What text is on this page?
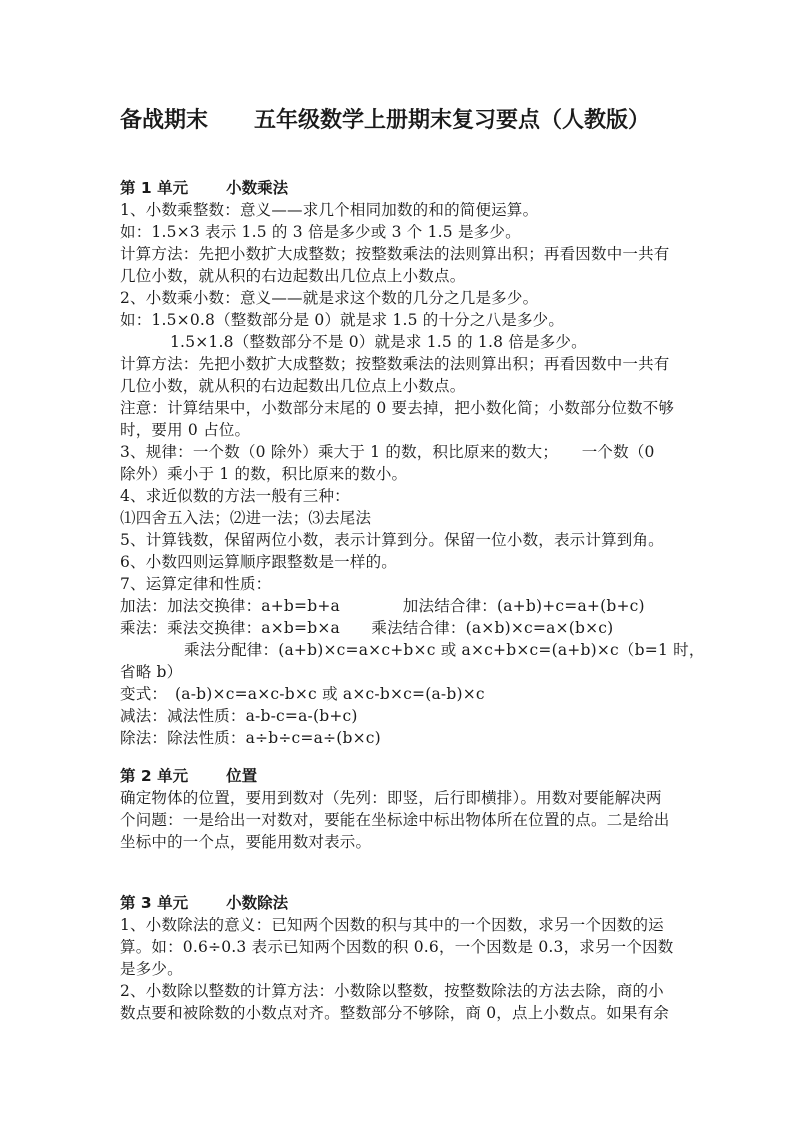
备战期末 五年级数学上册期末复习要点（人教版）
第 1 单元 小数乘法
1、小数乘整数：意义——求几个相同加数的和的简便运算。
如：1.5×3 表示 1.5 的 3 倍是多少或 3 个 1.5 是多少。
计算方法：先把小数扩大成整数；按整数乘法的法则算出积；再看因数中一共有
几位小数，就从积的右边起数出几位点上小数点。
2、小数乘小数：意义——就是求这个数的几分之几是多少。
如：1.5×0.8（整数部分是 0）就是求 1.5 的十分之八是多少。
1.5×1.8（整数部分不是 0）就是求 1.5 的 1.8 倍是多少。
计算方法：先把小数扩大成整数；按整数乘法的法则算出积；再看因数中一共有
几位小数，就从积的右边起数出几位点上小数点。
注意：计算结果中，小数部分末尾的 0 要去掉，把小数化简；小数部分位数不够
时，要用 0 占位。
3、规律：一个数（0 除外）乘大于 1 的数，积比原来的数大；　　一个数（0
除外）乘小于 1 的数，积比原来的数小。
4、求近似数的方法一般有三种：
⑴四舍五入法；⑵进一法；⑶去尾法
5、计算钱数，保留两位小数，表示计算到分。保留一位小数，表示计算到角。
6、小数四则运算顺序跟整数是一样的。
7、运算定律和性质：
加法：加法交换律：a+b=b+a　　　　加法结合律：(a+b)+c=a+(b+c)
乘法：乘法交换律：a×b=b×a　　乘法结合律：(a×b)×c=a×(b×c)
乘法分配律：(a+b)×c=a×c+b×c 或 a×c+b×c=(a+b)×c（b=1 时，
省略 b）
变式：　(a-b)×c=a×c-b×c 或 a×c-b×c=(a-b)×c
减法：减法性质：a-b-c=a-(b+c)
除法：除法性质：a÷b÷c=a÷(b×c)
第 2 单元 位置
确定物体的位置，要用到数对（先列：即竖，后行即横排）。用数对要能解决两
个问题：一是给出一对数对，要能在坐标途中标出物体所在位置的点。二是给出
坐标中的一个点，要能用数对表示。
第 3 单元 小数除法
1、小数除法的意义：已知两个因数的积与其中的一个因数，求另一个因数的运
算。如：0.6÷0.3 表示已知两个因数的积 0.6，一个因数是 0.3，求另一个因数
是多少。
2、小数除以整数的计算方法：小数除以整数，按整数除法的方法去除，商的小
数点要和被除数的小数点对齐。整数部分不够除，商 0，点上小数点。如果有余
